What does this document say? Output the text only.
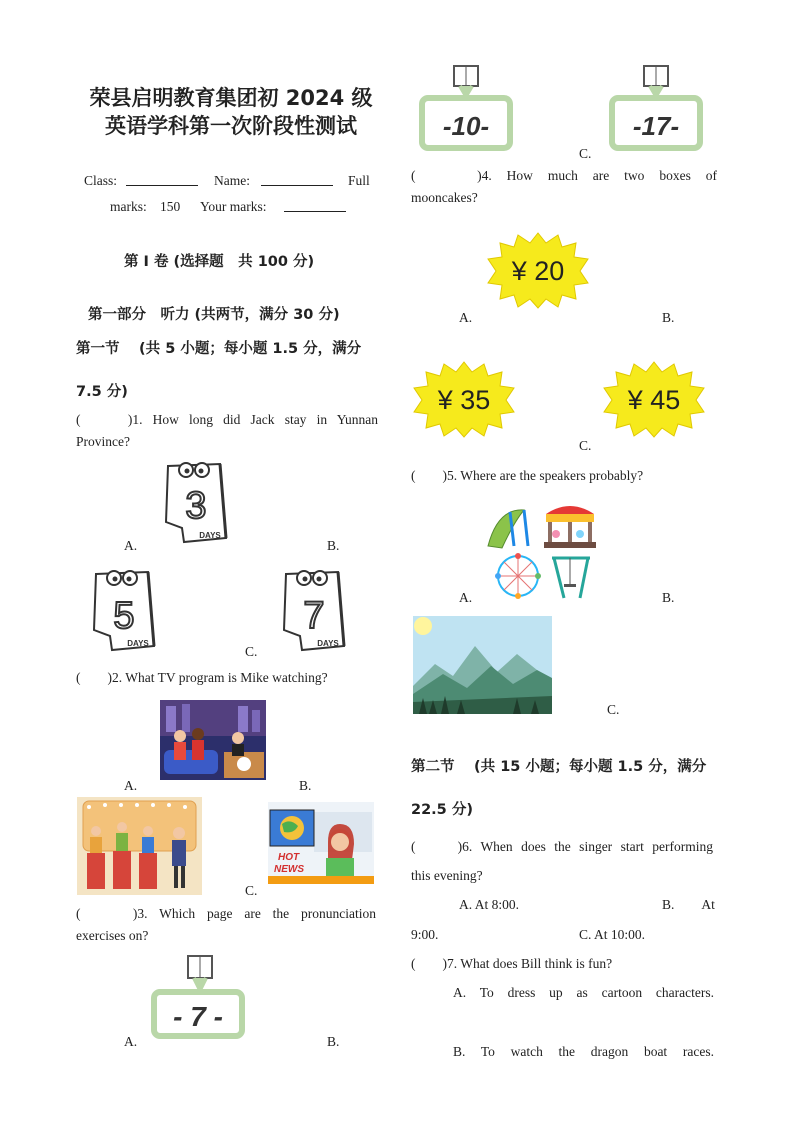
荣县启明教育集团初 2024 级
英语学科第一次阶段性测试
Class:	Name:	Full
marks: 150 Your marks:
第 I 卷 (选择题　共 100 分)
第一部分　听力 (共两节，满分 30 分)
第一节　 (共 5 小题；每小题 1.5 分，满分
7.5 分)
(　　)1. How long did Jack stay in Yunnan
Province?
3
DAYS
A.	B.
5
DAYS
7
DAYS
C.
(　　)2. What TV program is Mike watching?
A.	B.
HOT
NEWS
C.
(　　)3. Which page are the pronunciation
exercises on?
- 7 -
A.	B.
-10-	-17-
C.
(　　)4. How much are two boxes of
mooncakes?
¥ 20
A.	B.
¥ 35	¥ 45
C.
(　　)5. Where are the speakers probably?
A.	B.
C.
第二节　 (共 15 小题；每小题 1.5 分，满分
22.5 分)
(　　)6. When does the singer start performing
this evening?
A. At 8:00.	B.　　At
9:00.	C. At 10:00.
(　　)7. What does Bill think is fun?
A. To dress up as cartoon characters.
B. To watch the dragon boat races.
